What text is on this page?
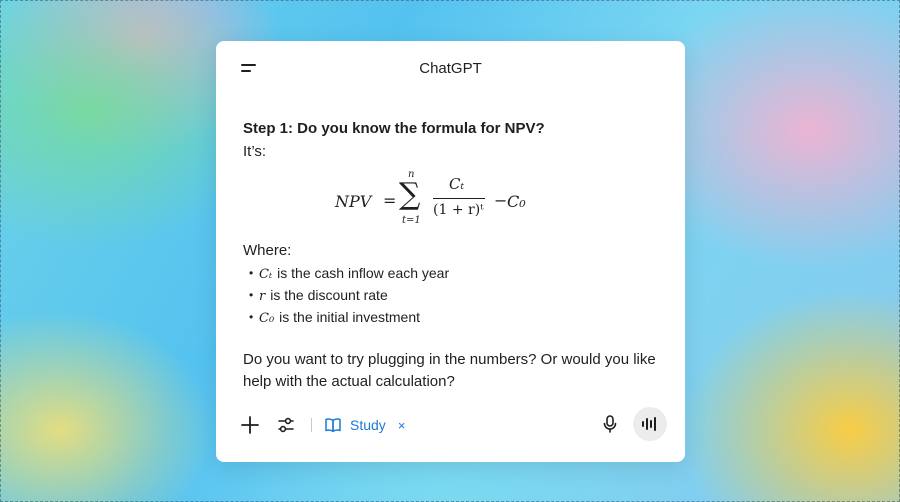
ChatGPT
Step 1: Do you know the formula for NPV?
It’s:
NPV =
n
∑
t=1
Cₜ
(1 + r)ᵗ − C₀
Where:
• Cₜ is the cash inflow each year
• r is the discount rate
• C₀ is the initial investment
Do you want to try plugging in the numbers? Or would you like help with the actual calculation?
Study ×
